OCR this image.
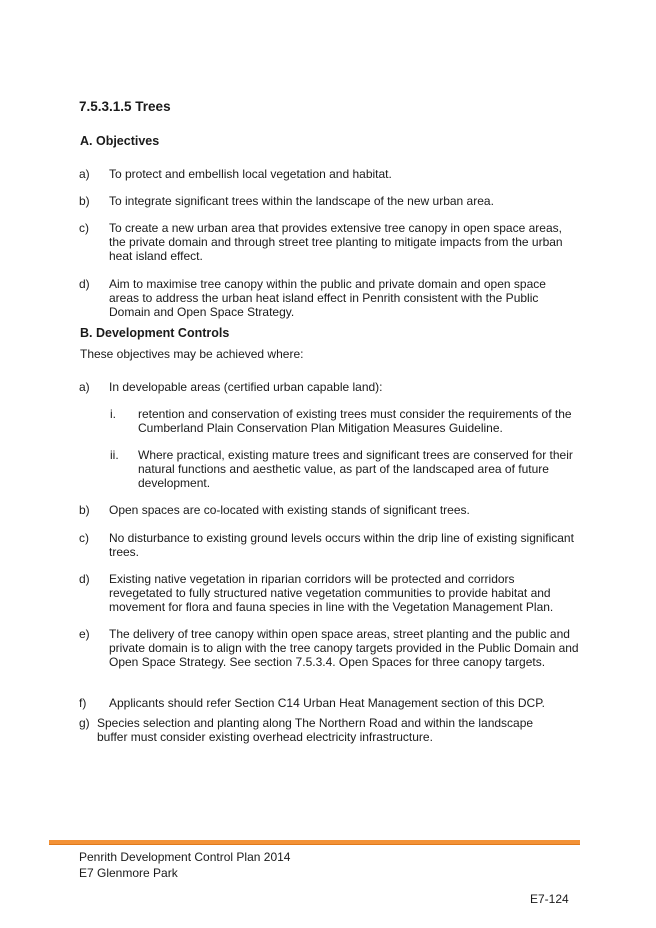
7.5.3.1.5 Trees
A. Objectives
a) To protect and embellish local vegetation and habitat.
b) To integrate significant trees within the landscape of the new urban area.
c) To create a new urban area that provides extensive tree canopy in open space areas, the private domain and through street tree planting to mitigate impacts from the urban heat island effect.
d) Aim to maximise tree canopy within the public and private domain and open space areas to address the urban heat island effect in Penrith consistent with the Public Domain and Open Space Strategy.
B. Development Controls
These objectives may be achieved where:
a) In developable areas (certified urban capable land):
i. retention and conservation of existing trees must consider the requirements of the Cumberland Plain Conservation Plan Mitigation Measures Guideline.
ii. Where practical, existing mature trees and significant trees are conserved for their natural functions and aesthetic value, as part of the landscaped area of future development.
b) Open spaces are co-located with existing stands of significant trees.
c) No disturbance to existing ground levels occurs within the drip line of existing significant trees.
d) Existing native vegetation in riparian corridors will be protected and corridors revegetated to fully structured native vegetation communities to provide habitat and movement for flora and fauna species in line with the Vegetation Management Plan.
e) The delivery of tree canopy within open space areas, street planting and the public and private domain is to align with the tree canopy targets provided in the Public Domain and Open Space Strategy. See section 7.5.3.4. Open Spaces for three canopy targets.
f) Applicants should refer Section C14 Urban Heat Management section of this DCP.
g) Species selection and planting along The Northern Road and within the landscape buffer must consider existing overhead electricity infrastructure.
Penrith Development Control Plan 2014
E7 Glenmore Park
E7-124
